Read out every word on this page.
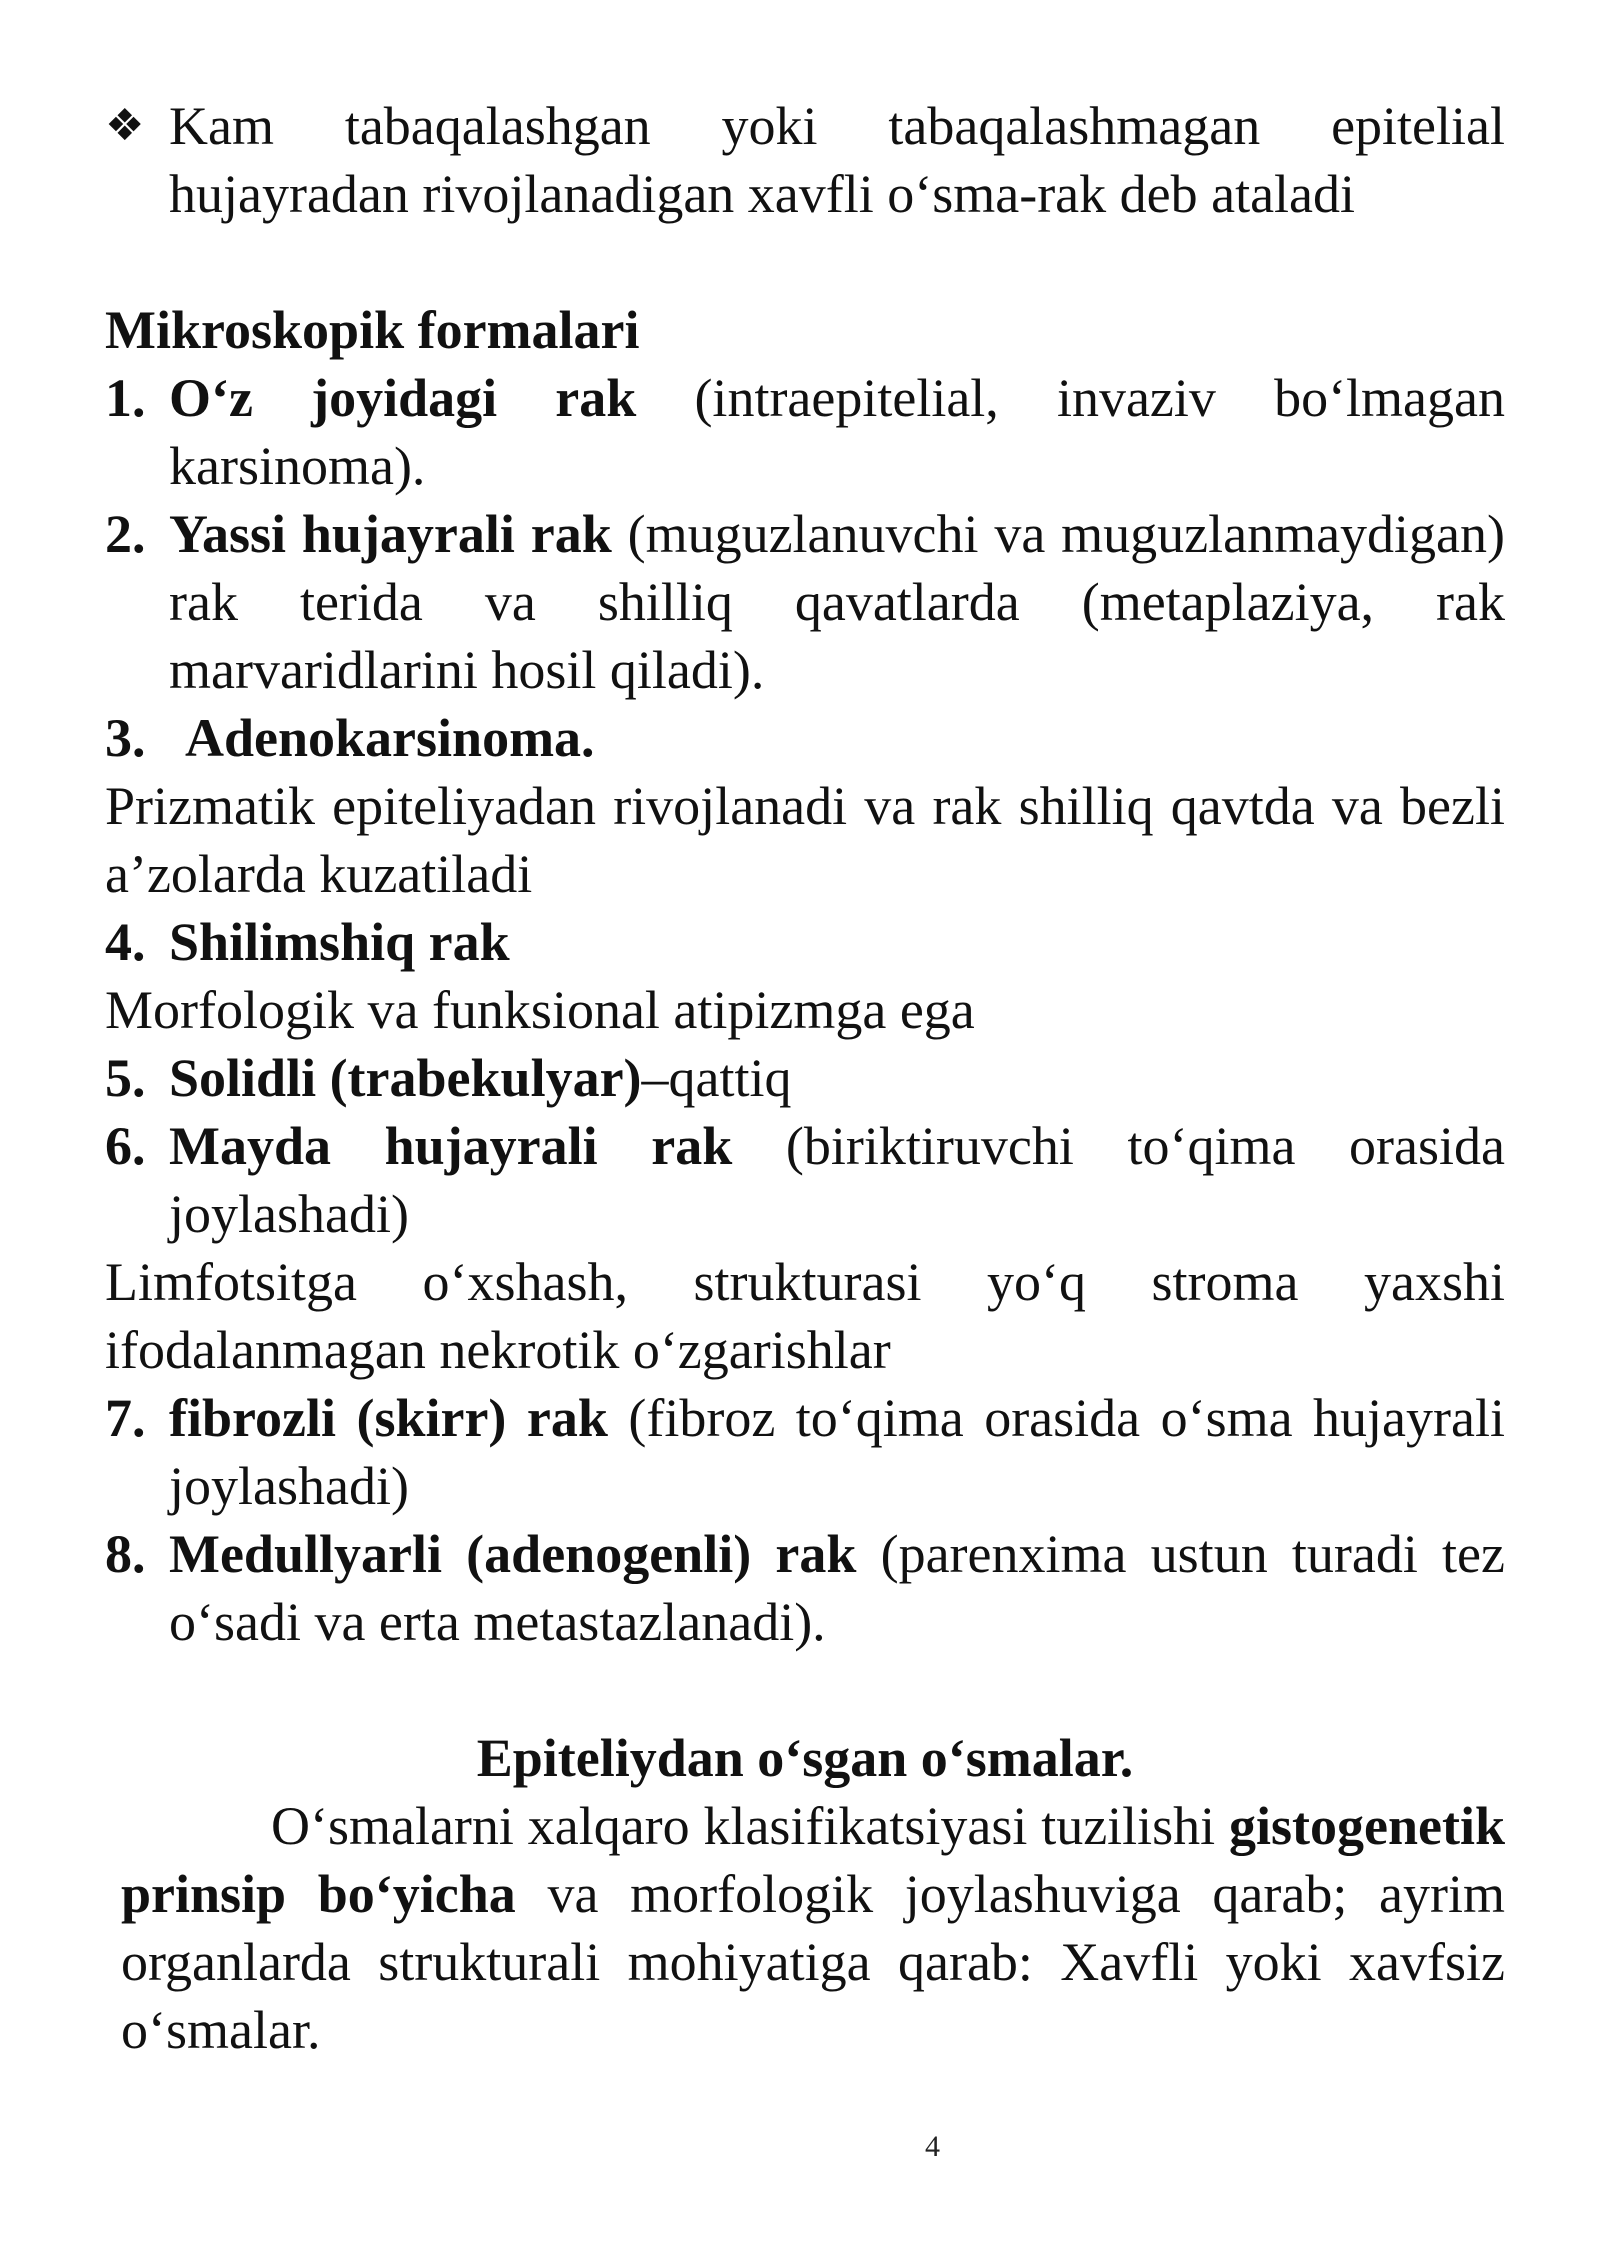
❖ Kam tabaqalashgan yoki tabaqalashmagan epitelial hujayradan rivojlanadigan xavfli o‘sma-rak deb ataladi
Mikroskopik formalari
1. O‘z joyidagi rak (intraepitelial, invaziv bo‘lmagan karsinoma).
2. Yassi hujayrali rak (muguzlanuvchi va muguzlanmaydigan) rak terida va shilliq qavatlarda (metaplaziya, rak marvaridlarini hosil qiladi).
3. Adenokarsinoma.
Prizmatik epiteliyadan rivojlanadi va rak shilliq qavtda va bezli a’zolarda kuzatiladi
4. Shilimshiq rak
Morfologik va funksional atipizmga ega
5. Solidli (trabekulyar)–qattiq
6. Mayda hujayrali rak (biriktiruvchi to‘qima orasida joylashadi)
Limfotsitga o‘xshash, strukturasi yo‘q stroma yaxshi ifodalanmagan nekrotik o‘zgarishlar
7. fibrozli (skirr) rak (fibroz to‘qima orasida o‘sma hujayrali joylashadi)
8. Medullyarli (adenogenli) rak (parenxima ustun turadi tez o‘sadi va erta metastazlanadi).
Epiteliydan o‘sgan o‘smalar.
O‘smalarni xalqaro klasifikatsiyasi tuzilishi gistogenetik prinsip bo‘yicha va morfologik joylashuviga qarab; ayrim organlarda strukturali mohiyatiga qarab: Xavfli yoki xavfsiz o‘smalar.
4
